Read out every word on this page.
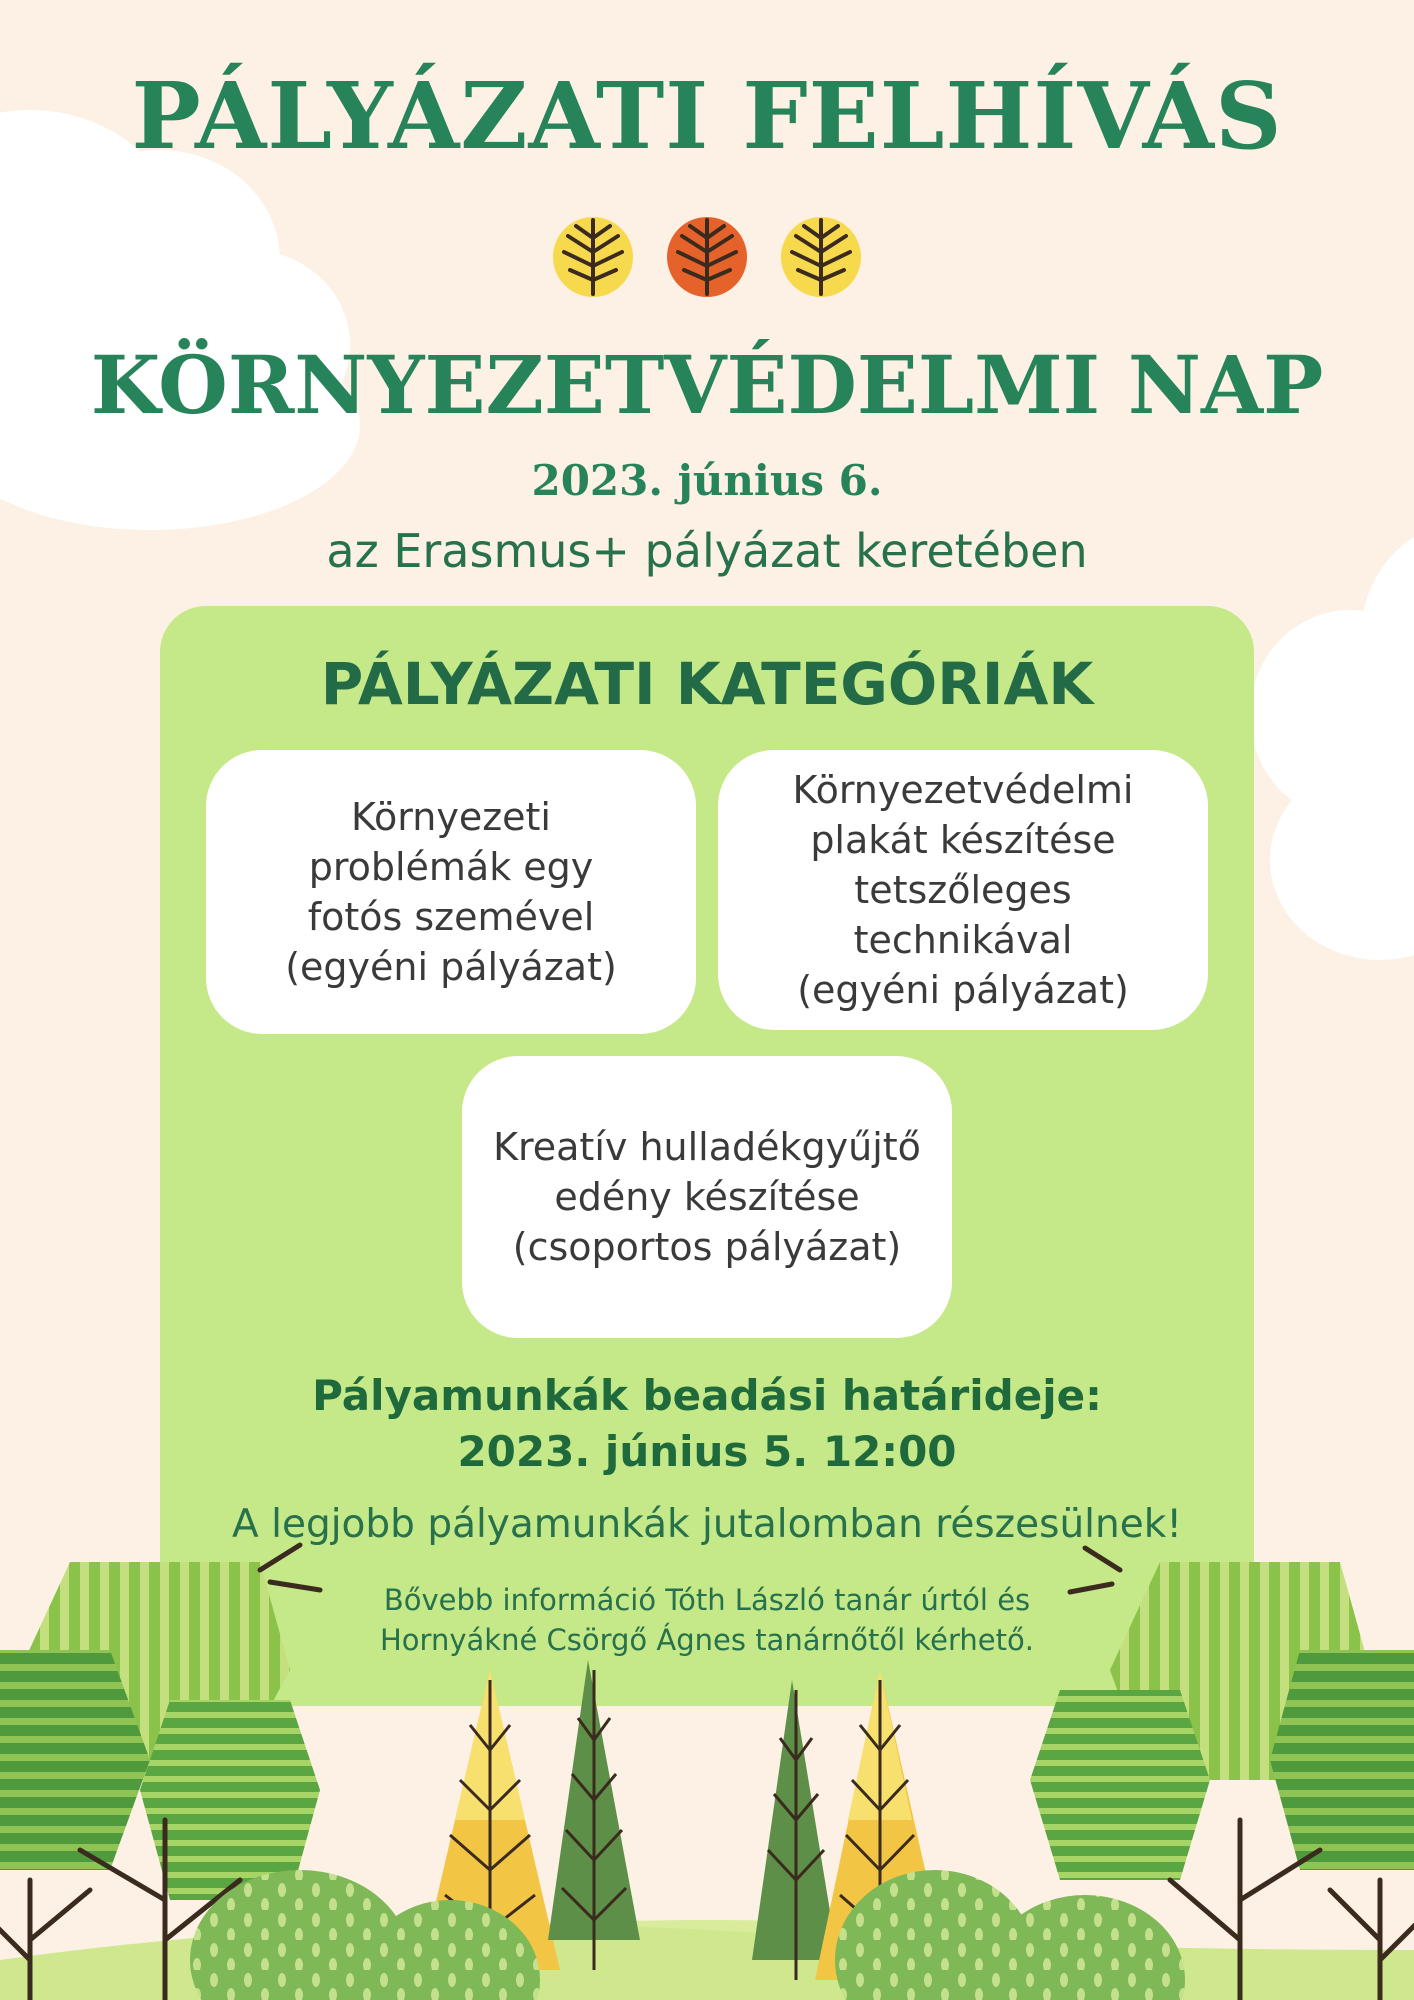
PÁLYÁZATI FELHÍVÁS
KÖRNYEZETVÉDELMI NAP
2023. június 6.
az Erasmus+ pályázat keretében
PÁLYÁZATI KATEGÓRIÁK
Környezeti
problémák egy
fotós szemével
(egyéni pályázat)
Környezetvédelmi
plakát készítése
tetszőleges
technikával
(egyéni pályázat)
Kreatív hulladékgyűjtő
edény készítése
(csoportos pályázat)
Pályamunkák beadási határideje:
2023. június 5. 12:00
A legjobb pályamunkák jutalomban részesülnek!
Bővebb információ Tóth László tanár úrtól és
Hornyákné Csörgő Ágnes tanárnőtől kérhető.
